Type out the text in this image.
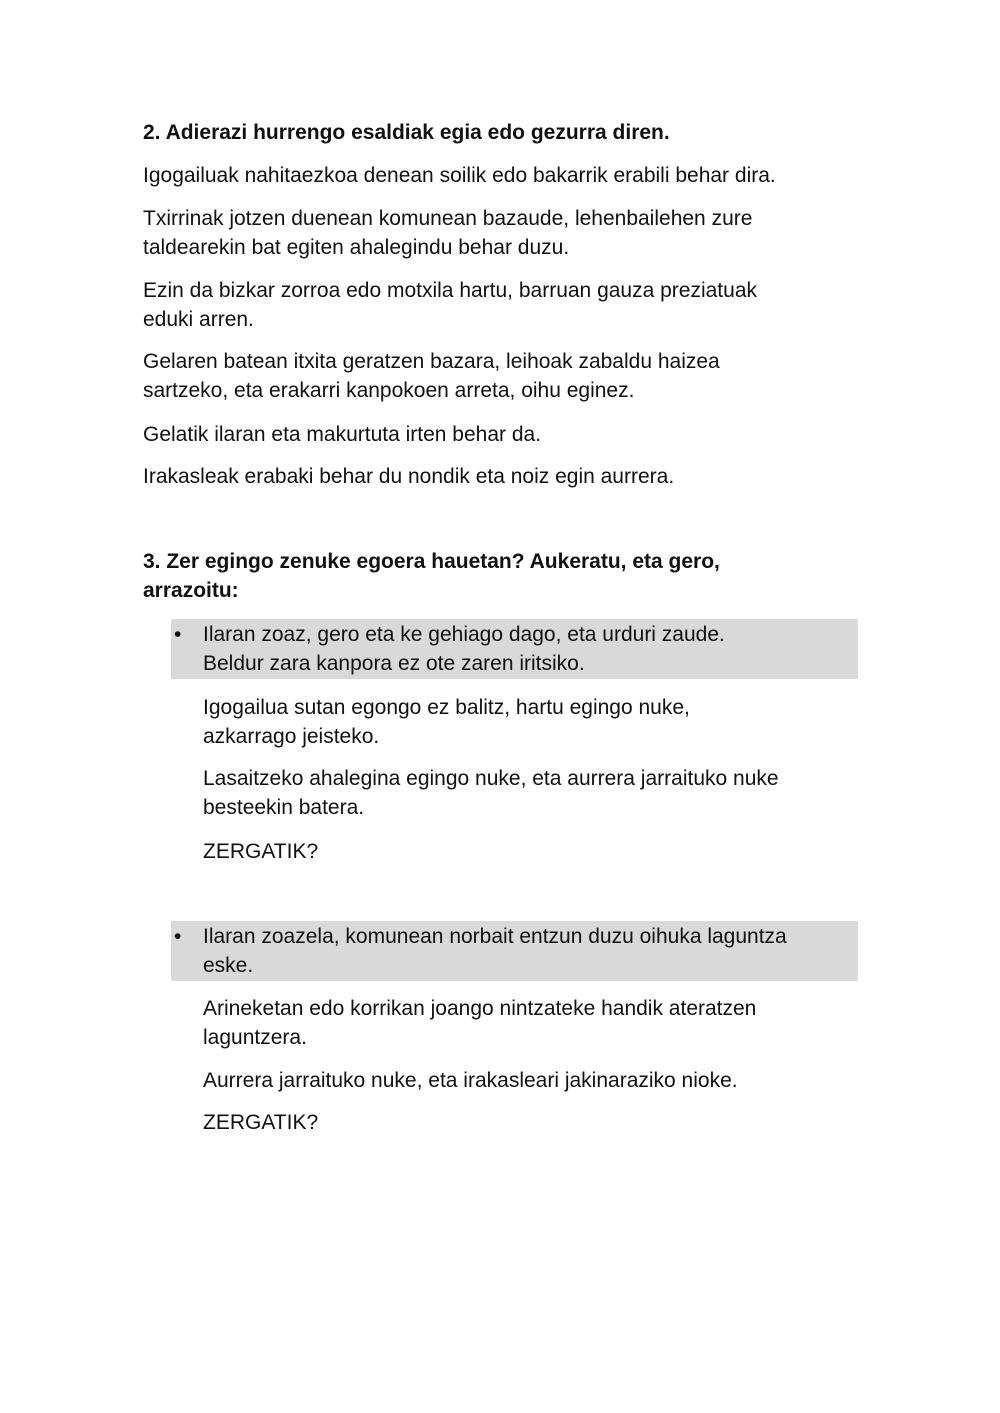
2. Adierazi hurrengo esaldiak egia edo gezurra diren.
Igogailuak nahitaezkoa denean soilik edo bakarrik erabili behar dira.
Txirrinak jotzen duenean komunean bazaude, lehenbailehen zure
taldearekin bat egiten ahalegindu behar duzu.
Ezin da bizkar zorroa edo motxila hartu, barruan gauza preziatuak
eduki arren.
Gelaren batean itxita geratzen bazara, leihoak zabaldu haizea
sartzeko, eta erakarri kanpokoen arreta, oihu eginez.
Gelatik ilaran eta makurtuta irten behar da.
Irakasleak erabaki behar du nondik eta noiz egin aurrera.
3. Zer egingo zenuke egoera hauetan? Aukeratu, eta gero,
arrazoitu:
•	Ilaran zoaz, gero eta ke gehiago dago, eta urduri zaude.
Beldur zara kanpora ez ote zaren iritsiko.
Igogailua sutan egongo ez balitz, hartu egingo nuke,
azkarrago jeisteko.
Lasaitzeko ahalegina egingo nuke, eta aurrera jarraituko nuke
besteekin batera.
ZERGATIK?
•	Ilaran zoazela, komunean norbait entzun duzu oihuka laguntza
eske.
Arineketan edo korrikan joango nintzateke handik ateratzen
laguntzera.
Aurrera jarraituko nuke, eta irakasleari jakinaraziko nioke.
ZERGATIK?
